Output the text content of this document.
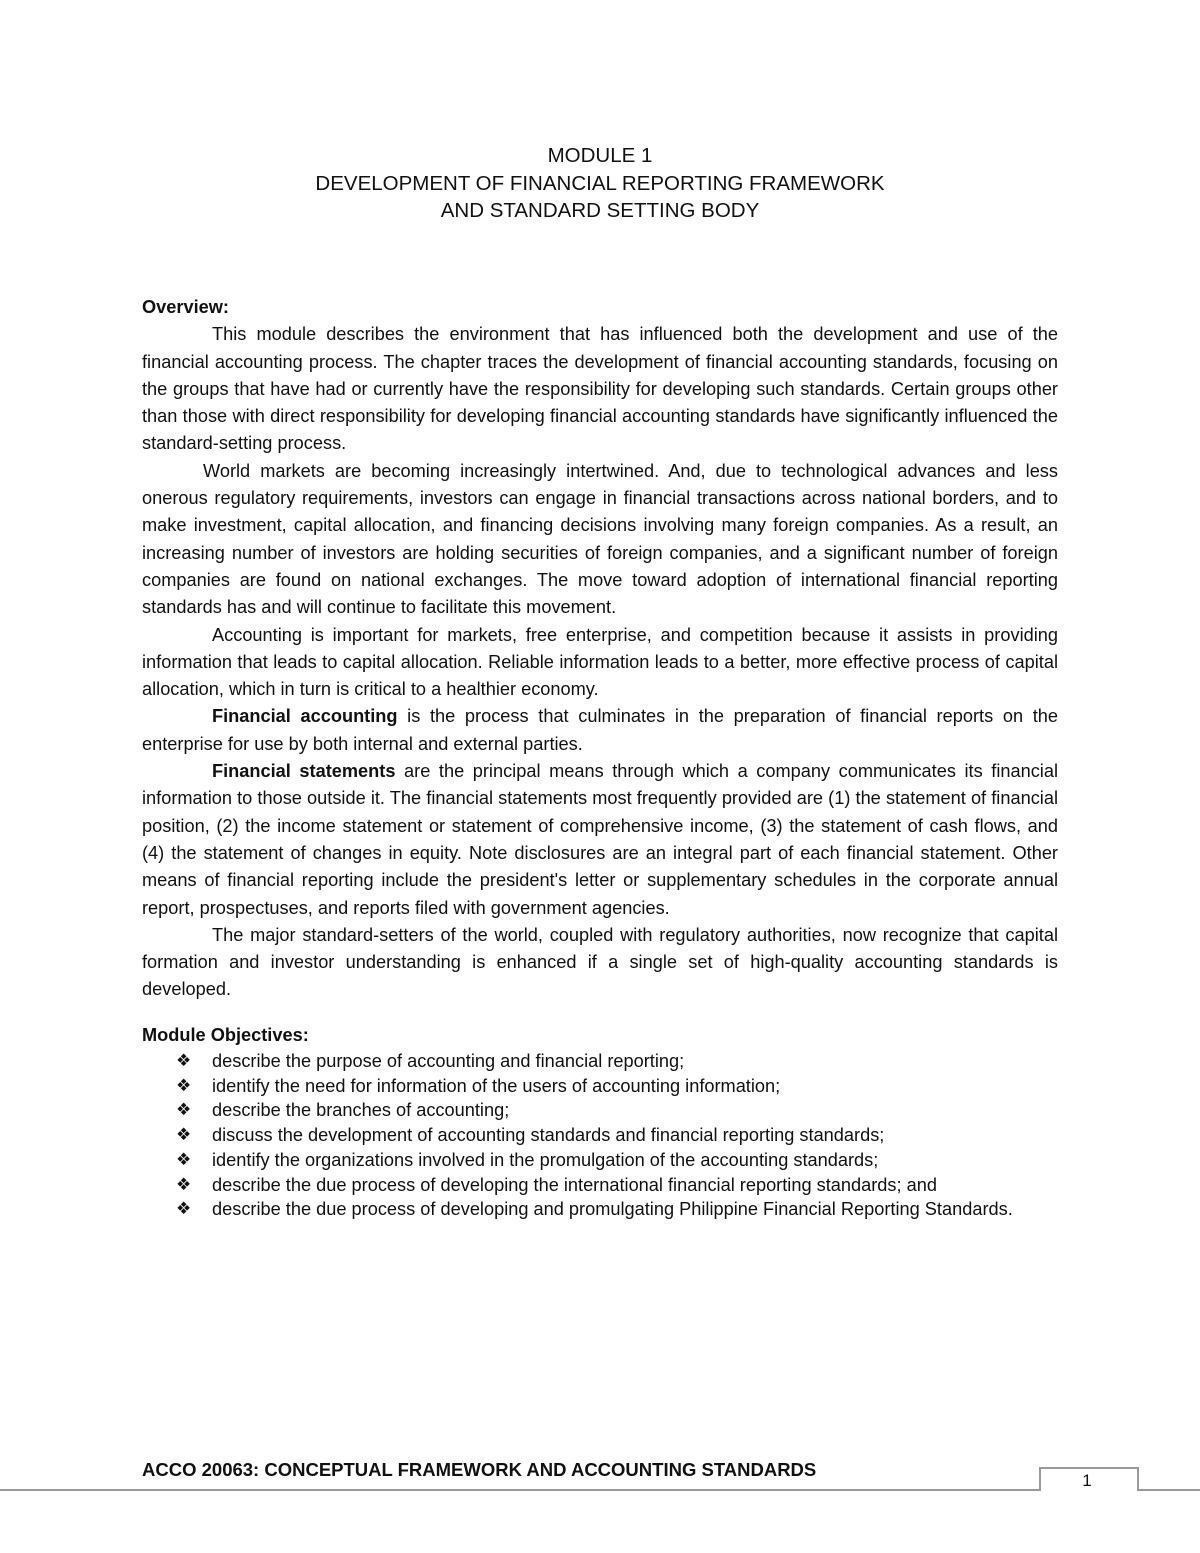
MODULE 1
DEVELOPMENT OF FINANCIAL REPORTING FRAMEWORK
AND STANDARD SETTING BODY

Overview:

This module describes the environment that has influenced both the development and use of the financial accounting process. The chapter traces the development of financial accounting standards, focusing on the groups that have had or currently have the responsibility for developing such standards. Certain groups other than those with direct responsibility for developing financial accounting standards have significantly influenced the standard-setting process.

World markets are becoming increasingly intertwined. And, due to technological advances and less onerous regulatory requirements, investors can engage in financial transactions across national borders, and to make investment, capital allocation, and financing decisions involving many foreign companies. As a result, an increasing number of investors are holding securities of foreign companies, and a significant number of foreign companies are found on national exchanges. The move toward adoption of international financial reporting standards has and will continue to facilitate this movement.

Accounting is important for markets, free enterprise, and competition because it assists in providing information that leads to capital allocation. Reliable information leads to a better, more effective process of capital allocation, which in turn is critical to a healthier economy.

Financial accounting is the process that culminates in the preparation of financial reports on the enterprise for use by both internal and external parties.

Financial statements are the principal means through which a company communicates its financial information to those outside it. The financial statements most frequently provided are (1) the statement of financial position, (2) the income statement or statement of comprehensive income, (3) the statement of cash flows, and (4) the statement of changes in equity. Note disclosures are an integral part of each financial statement. Other means of financial reporting include the president's letter or supplementary schedules in the corporate annual report, prospectuses, and reports filed with government agencies.

The major standard-setters of the world, coupled with regulatory authorities, now recognize that capital formation and investor understanding is enhanced if a single set of high-quality accounting standards is developed.

Module Objectives:

❖ describe the purpose of accounting and financial reporting;
❖ identify the need for information of the users of accounting information;
❖ describe the branches of accounting;
❖ discuss the development of accounting standards and financial reporting standards;
❖ identify the organizations involved in the promulgation of the accounting standards;
❖ describe the due process of developing the international financial reporting standards; and
❖ describe the due process of developing and promulgating Philippine Financial Reporting Standards.

ACCO 20063: CONCEPTUAL FRAMEWORK AND ACCOUNTING STANDARDS

1
